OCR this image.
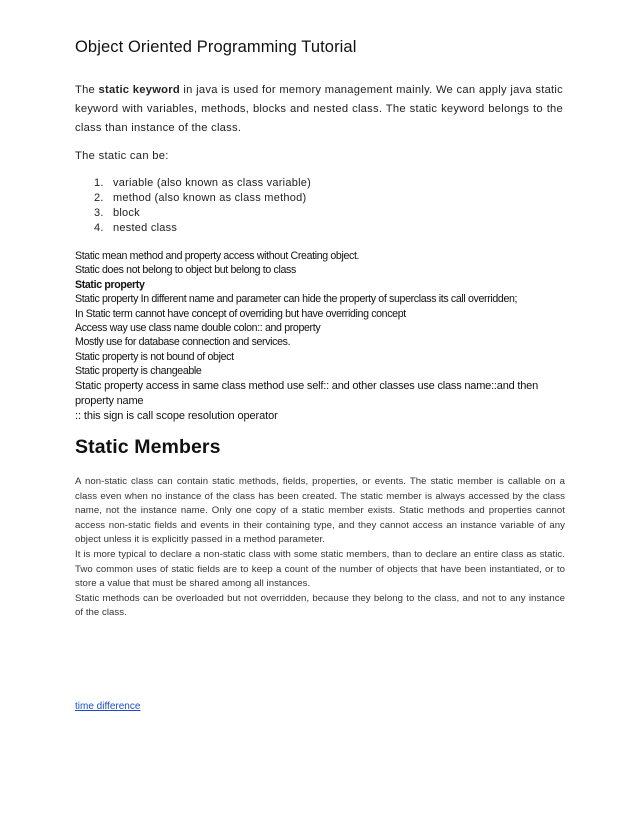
Object Oriented Programming Tutorial
The static keyword in java is used for memory management mainly. We can apply java static keyword with variables, methods, blocks and nested class. The static keyword belongs to the class than instance of the class.
The static can be:
1. variable (also known as class variable)
2. method (also known as class method)
3. block
4. nested class
Static mean method and property access without Creating object.
Static does not belong to object but belong to class
Static property
Static property In different name and parameter can hide the property of superclass its call overridden;
In Static term cannot have concept of overriding but have overriding concept
Access way use class name double colon:: and property
Mostly use for database connection and services.
Static property is not bound of object
Static property is changeable
Static property access in same class method use self:: and other classes use class name::and then property name
:: this sign is call scope resolution operator
Static Members

A non-static class can contain static methods, fields, properties, or events. The static member is callable on a class even when no instance of the class has been created. The static member is always accessed by the class name, not the instance name. Only one copy of a static member exists. Static methods and properties cannot access non-static fields and events in their containing type, and they cannot access an instance variable of any object unless it is explicitly passed in a method parameter.

It is more typical to declare a non-static class with some static members, than to declare an entire class as static. Two common uses of static fields are to keep a count of the number of objects that have been instantiated, or to store a value that must be shared among all instances.

Static methods can be overloaded but not overridden, because they belong to the class, and not to any instance of the class.

time difference
